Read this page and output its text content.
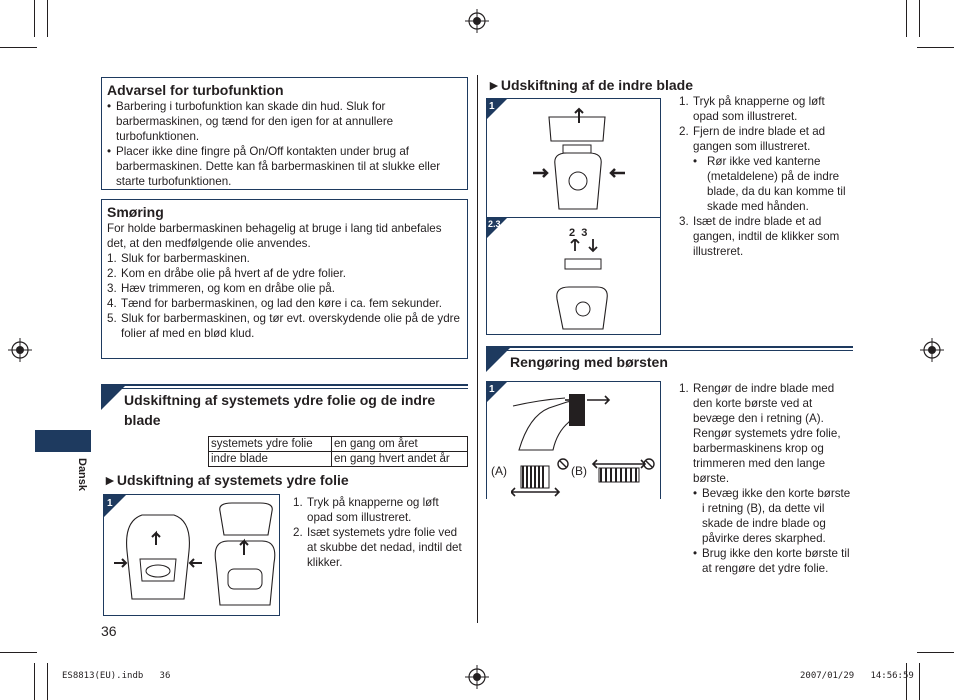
Dansk
Advarsel for turbofunktion
• Barbering i turbofunktion kan skade din hud. Sluk for barbermaskinen, og tænd for den igen for at annullere turbofunktionen.
• Placer ikke dine fingre på On/Off kontakten under brug af barbermaskinen. Dette kan få barbermaskinen til at slukke eller starte turbofunktionen.
Smøring
For holde barbermaskinen behagelig at bruge i lang tid anbefales det, at den medfølgende olie anvendes.
1. Sluk for barbermaskinen.
2. Kom en dråbe olie på hvert af de ydre folier.
3. Hæv trimmeren, og kom en dråbe olie på.
4. Tænd for barbermaskinen, og lad den køre i ca. fem sekunder.
5. Sluk for barbermaskinen, og tør evt. overskydende olie på de ydre folier af med en blød klud.
Udskiftning af systemets ydre folie og de indre blade
systemets ydre folie	en gang om året
indre blade	en gang hvert andet år
►Udskiftning af systemets ydre folie
1	1. Tryk på knapperne og løft opad som illustreret.
2. Isæt systemets ydre folie ved at skubbe det nedad, indtil det klikker.
36
►Udskiftning af de indre blade
1
2.3
2  3
1. Tryk på knapperne og løft opad som illustreret.
2. Fjern de indre blade et ad gangen som illustreret.
• Rør ikke ved kanterne (metaldelene) på de indre blade, da du kan komme til skade med hånden.
3. Isæt de indre blade et ad gangen, indtil de klikker som illustreret.
Rengøring med børsten
1
(A)	(B)
1. Rengør de indre blade med den korte børste ved at bevæge den i retning (A). Rengør systemets ydre folie, barbermaskinens krop og trimmeren med den lange børste.
• Bevæg ikke den korte børste i retning (B), da dette vil skade de indre blade og påvirke deres skarphed.
• Brug ikke den korte børste til at rengøre det ydre folie.
ES8813(EU).indb   36	2007/01/29   14:56:59
